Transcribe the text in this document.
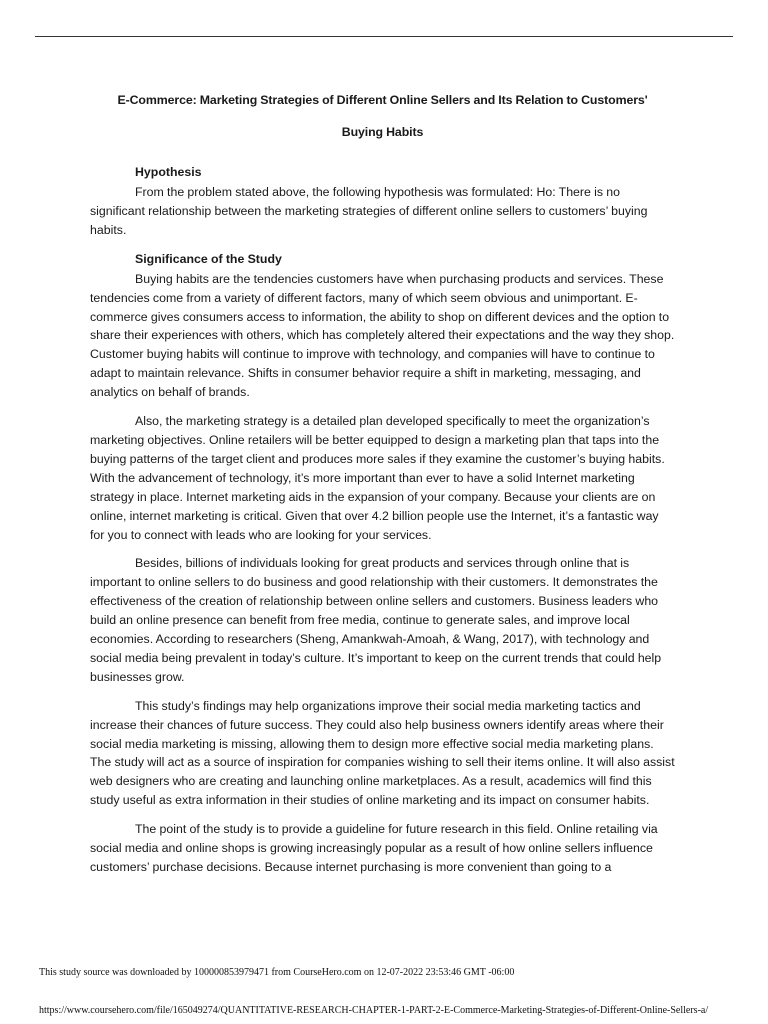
E-Commerce: Marketing Strategies of Different Online Sellers and Its Relation to Customers'
Buying Habits
Hypothesis

From the problem stated above, the following hypothesis was formulated: Ho: There is no significant relationship between the marketing strategies of different online sellers to customers’ buying habits.

Significance of the Study

Buying habits are the tendencies customers have when purchasing products and services. These tendencies come from a variety of different factors, many of which seem obvious and unimportant. E-commerce gives consumers access to information, the ability to shop on different devices and the option to share their experiences with others, which has completely altered their expectations and the way they shop. Customer buying habits will continue to improve with technology, and companies will have to continue to adapt to maintain relevance. Shifts in consumer behavior require a shift in marketing, messaging, and analytics on behalf of brands.

Also, the marketing strategy is a detailed plan developed specifically to meet the organization’s marketing objectives. Online retailers will be better equipped to design a marketing plan that taps into the buying patterns of the target client and produces more sales if they examine the customer’s buying habits. With the advancement of technology, it’s more important than ever to have a solid Internet marketing strategy in place. Internet marketing aids in the expansion of your company. Because your clients are on online, internet marketing is critical. Given that over 4.2 billion people use the Internet, it’s a fantastic way for you to connect with leads who are looking for your services.

Besides, billions of individuals looking for great products and services through online that is important to online sellers to do business and good relationship with their customers. It demonstrates the effectiveness of the creation of relationship between online sellers and customers. Business leaders who build an online presence can benefit from free media, continue to generate sales, and improve local economies. According to researchers (Sheng, Amankwah-Amoah, & Wang, 2017), with technology and social media being prevalent in today’s culture. It’s important to keep on the current trends that could help businesses grow.

This study’s findings may help organizations improve their social media marketing tactics and increase their chances of future success. They could also help business owners identify areas where their social media marketing is missing, allowing them to design more effective social media marketing plans. The study will act as a source of inspiration for companies wishing to sell their items online. It will also assist web designers who are creating and launching online marketplaces. As a result, academics will find this study useful as extra information in their studies of online marketing and its impact on consumer habits.

The point of the study is to provide a guideline for future research in this field. Online retailing via social media and online shops is growing increasingly popular as a result of how online sellers influence customers’ purchase decisions. Because internet purchasing is more convenient than going to a

This study source was downloaded by 100000853979471 from CourseHero.com on 12-07-2022 23:53:46 GMT -06:00
https://www.coursehero.com/file/165049274/QUANTITATIVE-RESEARCH-CHAPTER-1-PART-2-E-Commerce-Marketing-Strategies-of-Different-Online-Sellers-a/
